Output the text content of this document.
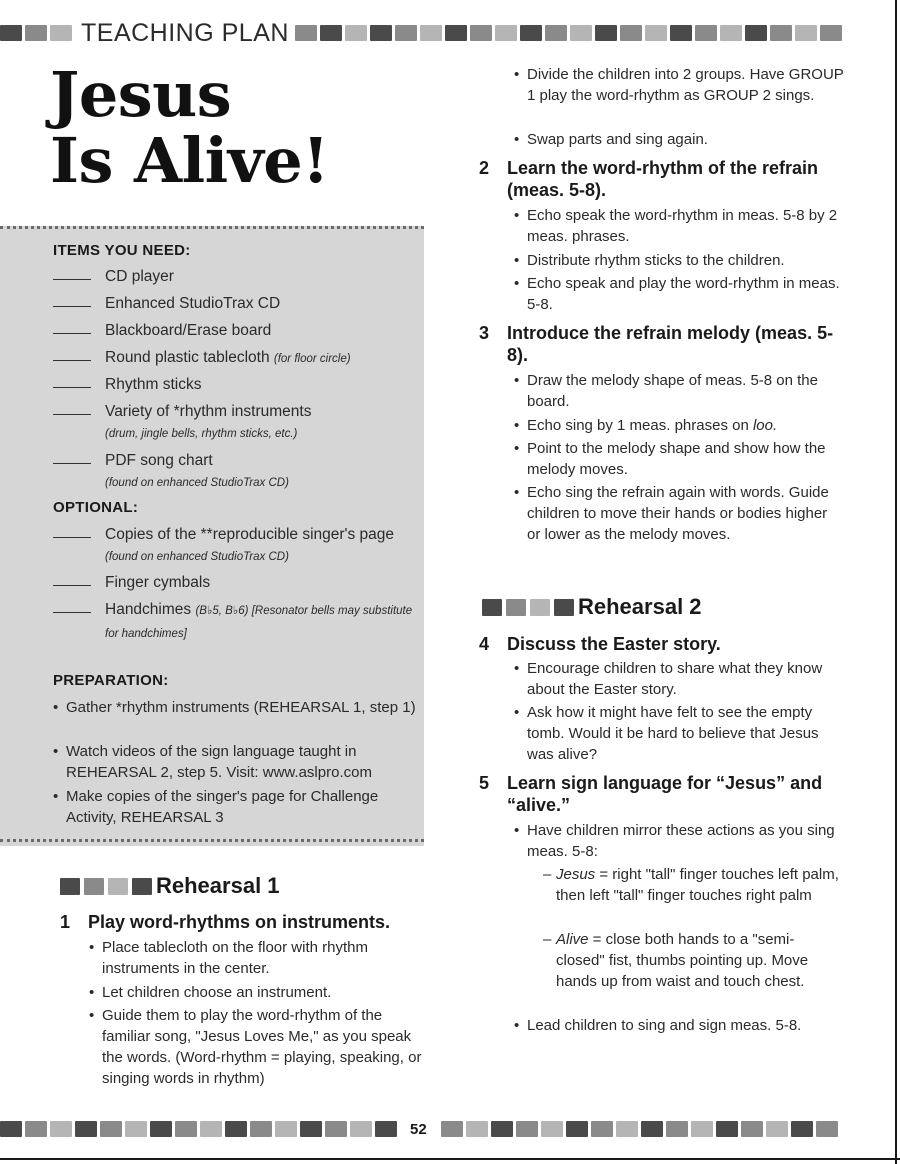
TEACHING PLAN
Jesus
Is Alive!
ITEMS YOU NEED:
CD player
Enhanced StudioTrax CD
Blackboard/Erase board
Round plastic tablecloth (for floor circle)
Rhythm sticks
Variety of *rhythm instruments
(drum, jingle bells, rhythm sticks, etc.)
PDF song chart
(found on enhanced StudioTrax CD)
OPTIONAL:
Copies of the **reproducible singer's page (found on enhanced StudioTrax CD)
Finger cymbals
Handchimes (B♭5, B♭6) [Resonator bells may substitute for handchimes]
PREPARATION:
• Gather *rhythm instruments (REHEARSAL 1, step 1)
• Watch videos of the sign language taught in REHEARSAL 2, step 5. Visit: www.aslpro.com
• Make copies of the singer's page for Challenge Activity, REHEARSAL 3
Rehearsal 1
1 Play word-rhythms on instruments.
• Place tablecloth on the floor with rhythm instruments in the center.
• Let children choose an instrument.
• Guide them to play the word-rhythm of the familiar song, "Jesus Loves Me," as you speak the words. (Word-rhythm = playing, speaking, or singing words in rhythm)
• Divide the children into 2 groups. Have GROUP 1 play the word-rhythm as GROUP 2 sings.
• Swap parts and sing again.
2 Learn the word-rhythm of the refrain (meas. 5-8).
• Echo speak the word-rhythm in meas. 5-8 by 2 meas. phrases.
• Distribute rhythm sticks to the children.
• Echo speak and play the word-rhythm in meas. 5-8.
3 Introduce the refrain melody (meas. 5-8).
• Draw the melody shape of meas. 5-8 on the board.
• Echo sing by 1 meas. phrases on loo.
• Point to the melody shape and show how the melody moves.
• Echo sing the refrain again with words. Guide children to move their hands or bodies higher or lower as the melody moves.
Rehearsal 2
4 Discuss the Easter story.
• Encourage children to share what they know about the Easter story.
• Ask how it might have felt to see the empty tomb. Would it be hard to believe that Jesus was alive?
5 Learn sign language for “Jesus” and “alive.”
• Have children mirror these actions as you sing meas. 5-8:
– Jesus = right "tall" finger touches left palm, then left "tall" finger touches right palm
– Alive = close both hands to a "semi-closed" fist, thumbs pointing up. Move hands up from waist and touch chest.
• Lead children to sing and sign meas. 5-8.
52
